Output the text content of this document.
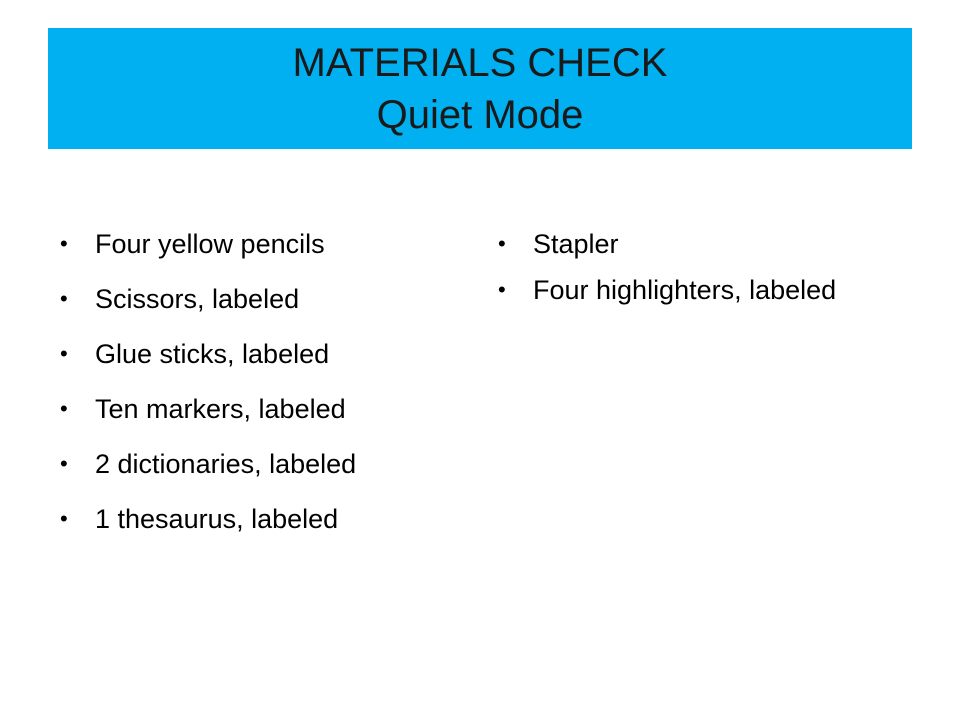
MATERIALS CHECK
Quiet Mode
• Four yellow pencils
• Scissors, labeled
• Glue sticks, labeled
• Ten markers, labeled
• 2 dictionaries, labeled
• 1 thesaurus, labeled
• Stapler
• Four highlighters, labeled
